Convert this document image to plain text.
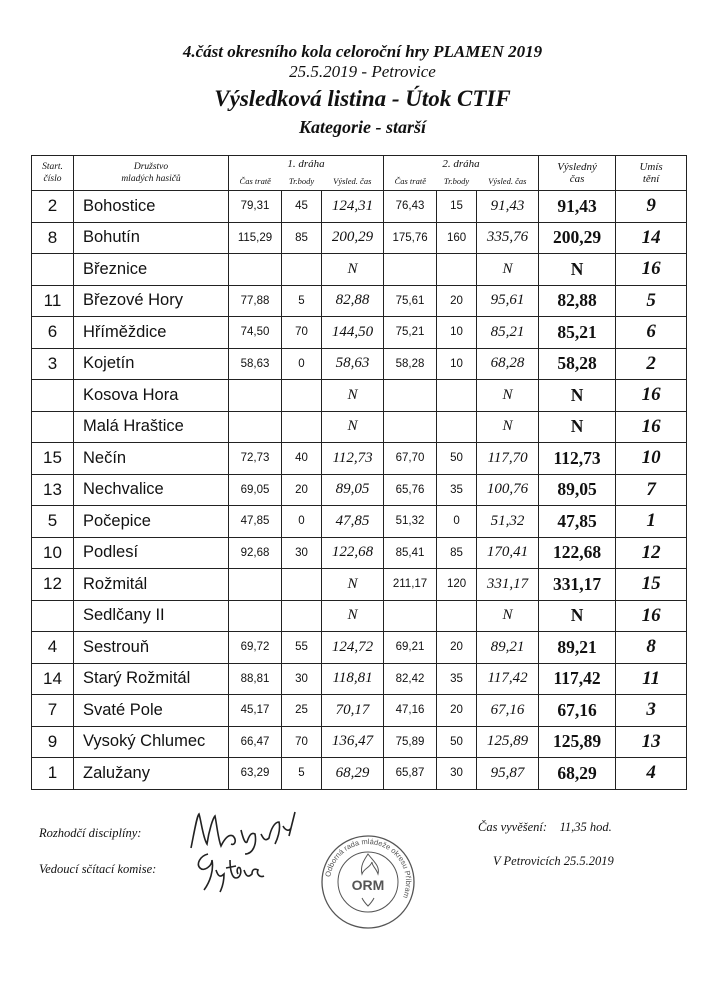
4.část okresního kola celoroční hry PLAMEN 2019
25.5.2019 - Petrovice
Výsledková listina - Útok CTIF
Kategorie - starší
Start.
číslo	Družstvo
mladých hasičů	1. dráha			2. dráha			Výsledný
čas	Umís
tění
		Čas tratě	Tr.body	Výsled. čas	Čas tratě	Tr.body	Výsled. čas		
2	Bohostice	79,31	45	124,31	76,43	15	91,43	91,43	9
8	Bohutín	115,29	85	200,29	175,76	160	335,76	200,29	14
	Březnice			N			N	N	16
11	Březové Hory	77,88	5	82,88	75,61	20	95,61	82,88	5
6	Hříměždice	74,50	70	144,50	75,21	10	85,21	85,21	6
3	Kojetín	58,63	0	58,63	58,28	10	68,28	58,28	2
	Kosova Hora			N			N	N	16
	Malá Hraštice			N			N	N	16
15	Nečín	72,73	40	112,73	67,70	50	117,70	112,73	10
13	Nechvalice	69,05	20	89,05	65,76	35	100,76	89,05	7
5	Počepice	47,85	0	47,85	51,32	0	51,32	47,85	1
10	Podlesí	92,68	30	122,68	85,41	85	170,41	122,68	12
12	Rožmitál			N	211,17	120	331,17	331,17	15
	Sedlčany II			N			N	N	16
4	Sestrouň	69,72	55	124,72	69,21	20	89,21	89,21	8
14	Starý Rožmitál	88,81	30	118,81	82,42	35	117,42	117,42	11
7	Svaté Pole	45,17	25	70,17	47,16	20	67,16	67,16	3
9	Vysoký Chlumec	66,47	70	136,47	75,89	50	125,89	125,89	13
1	Zalužany	63,29	5	68,29	65,87	30	95,87	68,29	4
Rozhodčí disciplíny:
Vedoucí sčítací komise:
Čas vyvěšení: 11,35 hod.
V Petrovicích 25.5.2019
ORM
Odborná rada mládeže okresu Příbram
